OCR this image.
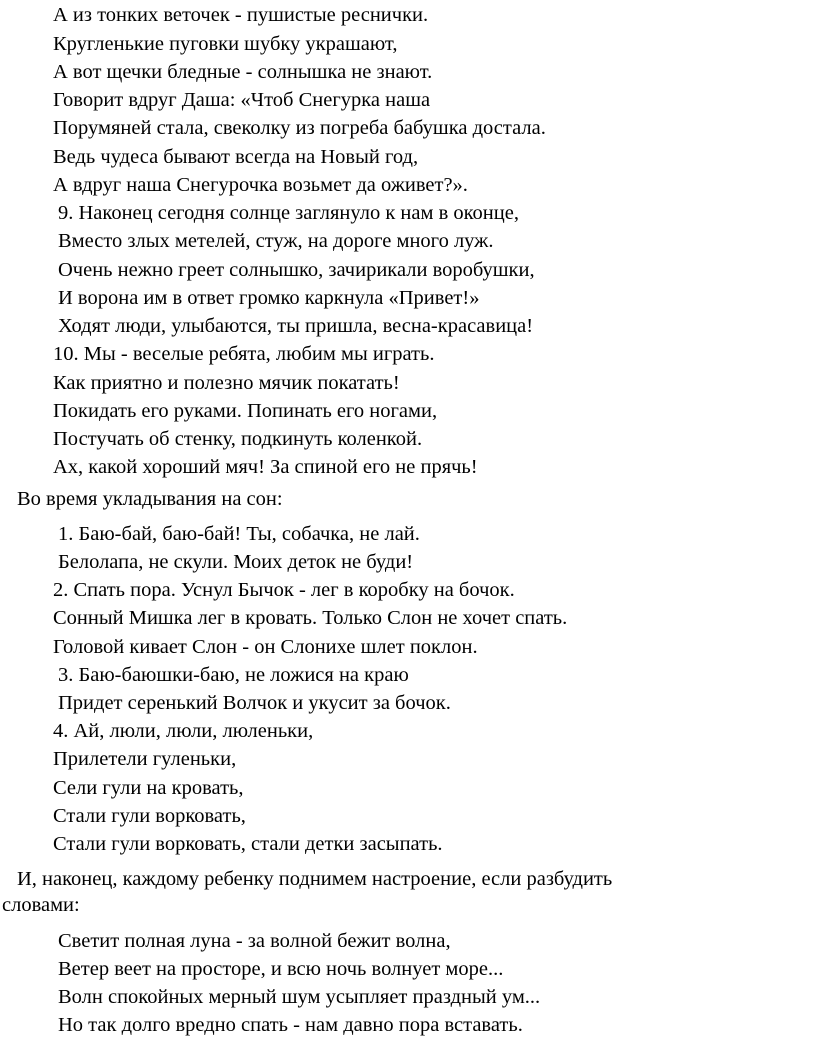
А из тонких веточек - пушистые реснички.
Кругленькие пуговки шубку украшают,
А вот щечки бледные - солнышка не знают.
Говорит вдруг Даша: «Чтоб Снегурка наша
Порумяней стала, свеколку из погреба бабушка достала.
Ведь чудеса бывают всегда на Новый год,
А вдруг наша Снегурочка возьмет да оживет?».
9. Наконец сегодня солнце заглянуло к нам в оконце,
Вместо злых метелей, стуж, на дороге много луж.
Очень нежно греет солнышко, зачирикали воробушки,
И ворона им в ответ громко каркнула «Привет!»
Ходят люди, улыбаются, ты пришла, весна-красавица!
10. Мы - веселые ребята, любим мы играть.
Как приятно и полезно мячик покатать!
Покидать его руками. Попинать его ногами,
Постучать об стенку, подкинуть коленкой.
Ах, какой хороший мяч! За спиной его не прячь!
Во время укладывания на сон:
1. Баю-бай, баю-бай! Ты, собачка, не лай.
Белолапа, не скули. Моих деток не буди!
2. Спать пора. Уснул Бычок - лег в коробку на бочок.
Сонный Мишка лег в кровать. Только Слон не хочет спать.
Головой кивает Слон - он Слонихе шлет поклон.
3. Баю-баюшки-баю, не ложися на краю
Придет серенький Волчок и укусит за бочок.
4. Ай, люли, люли, люленьки,
Прилетели гуленьки,
Сели гули на кровать,
Стали гули ворковать,
Стали гули ворковать, стали детки засыпать.
И, наконец, каждому ребенку поднимем настроение, если разбудить
словами:
Светит полная луна - за волной бежит волна,
Ветер веет на просторе, и всю ночь волнует море...
Волн спокойных мерный шум усыпляет праздный ум...
Но так долго вредно спать - нам давно пора вставать.
